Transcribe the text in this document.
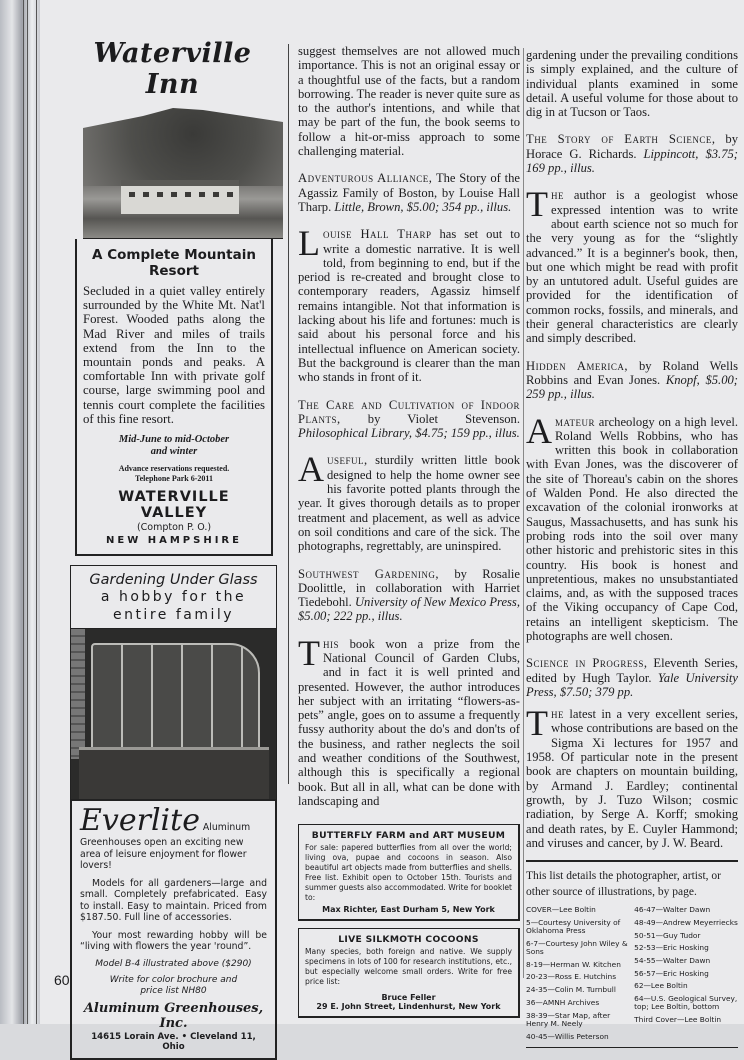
Waterville Inn
A Complete Mountain
Resort
Secluded in a quiet valley entirely surrounded by the White Mt. Nat'l Forest. Wooded paths along the Mad River and miles of trails extend from the Inn to the mountain ponds and peaks. A comfortable Inn with private golf course, large swimming pool and tennis court complete the facilities of this fine resort.
Mid-June to mid-October
and winter
Advance reservations requested.
Telephone Park 6-2011
WATERVILLE VALLEY
(Compton P. O.)
NEW HAMPSHIRE
Gardening Under Glass
a hobby for the
entire family
Everlite Aluminum Greenhouses open an exciting new area of leisure enjoyment for flower lovers!
Models for all gardeners—large and small. Completely prefabricated. Easy to install. Easy to maintain. Priced from $187.50. Full line of accessories.
Your most rewarding hobby will be “living with flowers the year 'round”.
Model B-4 illustrated above ($290)
Write for color brochure and
price list NH80
Aluminum Greenhouses, Inc.
14615 Lorain Ave. • Cleveland 11, Ohio
suggest themselves are not allowed much importance. This is not an original essay or a thoughtful use of the facts, but a random borrowing. The reader is never quite sure as to the author's intentions, and while that may be part of the fun, the book seems to follow a hit-or-miss approach to some challenging material.
Adventurous Alliance, The Story of the Agassiz Family of Boston, by Louise Hall Tharp. Little, Brown, $5.00; 354 pp., illus.
Louise Hall Tharp has set out to write a domestic narrative. It is well told, from beginning to end, but if the period is re-created and brought close to contemporary readers, Agassiz himself remains intangible. Not that information is lacking about his life and fortunes: much is said about his personal force and his intellectual influence on American society. But the background is clearer than the man who stands in front of it.
The Care and Cultivation of Indoor Plants, by Violet Stevenson. Philosophical Library, $4.75; 159 pp., illus.
Auseful, sturdily written little book designed to help the home owner see his favorite potted plants through the year. It gives thorough details as to proper treatment and placement, as well as advice on soil conditions and care of the sick. The photographs, regrettably, are uninspired.
Southwest Gardening, by Rosalie Doolittle, in collaboration with Harriet Tiedebohl. University of New Mexico Press, $5.00; 222 pp., illus.
This book won a prize from the National Council of Garden Clubs, and in fact it is well printed and presented. However, the author introduces her subject with an irritating “flowers-as-pets” angle, goes on to assume a frequently fussy authority about the do's and don'ts of the business, and rather neglects the soil and weather conditions of the Southwest, although this is specifically a regional book. But all in all, what can be done with landscaping and
BUTTERFLY FARM and ART MUSEUM
For sale: papered butterflies from all over the world; living ova, pupae and cocoons in season. Also beautiful art objects made from butterflies and shells. Free list. Exhibit open to October 15th. Tourists and summer guests also accommodated. Write for booklet to:
Max Richter, East Durham 5, New York
LIVE SILKMOTH COCOONS
Many species, both foreign and native. We supply specimens in lots of 100 for research institutions, etc., but especially welcome small orders. Write for free price list:
Bruce Feller
29 E. John Street, Lindenhurst, New York
gardening under the prevailing conditions is simply explained, and the culture of individual plants examined in some detail. A useful volume for those about to dig in at Tucson or Taos.
The Story of Earth Science, by Horace G. Richards. Lippincott, $3.75; 169 pp., illus.
The author is a geologist whose expressed intention was to write about earth science not so much for the very young as for the “slightly advanced.” It is a beginner's book, then, but one which might be read with profit by an untutored adult. Useful guides are provided for the identification of common rocks, fossils, and minerals, and their general characteristics are clearly and simply described.
Hidden America, by Roland Wells Robbins and Evan Jones. Knopf, $5.00; 259 pp., illus.
Amateur archeology on a high level. Roland Wells Robbins, who has written this book in collaboration with Evan Jones, was the discoverer of the site of Thoreau's cabin on the shores of Walden Pond. He also directed the excavation of the colonial ironworks at Saugus, Massachusetts, and has sunk his probing rods into the soil over many other historic and prehistoric sites in this country. His book is honest and unpretentious, makes no unsubstantiated claims, and, as with the supposed traces of the Viking occupancy of Cape Cod, retains an intelligent skepticism. The photographs are well chosen.
Science in Progress, Eleventh Series, edited by Hugh Taylor. Yale University Press, $7.50; 379 pp.
The latest in a very excellent series, whose contributions are based on the Sigma Xi lectures for 1957 and 1958. Of particular note in the present book are chapters on mountain building, by Armand J. Eardley; continental growth, by J. Tuzo Wilson; cosmic radiation, by Serge A. Korff; smoking and death rates, by E. Cuyler Hammond; and viruses and cancer, by J. W. Beard.
This list details the photographer, artist, or other source of illustrations, by page.
COVER—Lee Boltin
5—Courtesy University of Oklahoma Press
6-7—Courtesy John Wiley & Sons
8-19—Herman W. Kitchen
20-23—Ross E. Hutchins
24-35—Colin M. Turnbull
36—AMNH Archives
38-39—Star Map, after Henry M. Neely
40-45—Willis Peterson
46-47—Walter Dawn
48-49—Andrew Meyerriecks
50-51—Guy Tudor
52-53—Eric Hosking
54-55—Walter Dawn
56-57—Eric Hosking
62—Lee Boltin
64—U.S. Geological Survey, top; Lee Boltin, bottom
Third Cover—Lee Boltin
60
